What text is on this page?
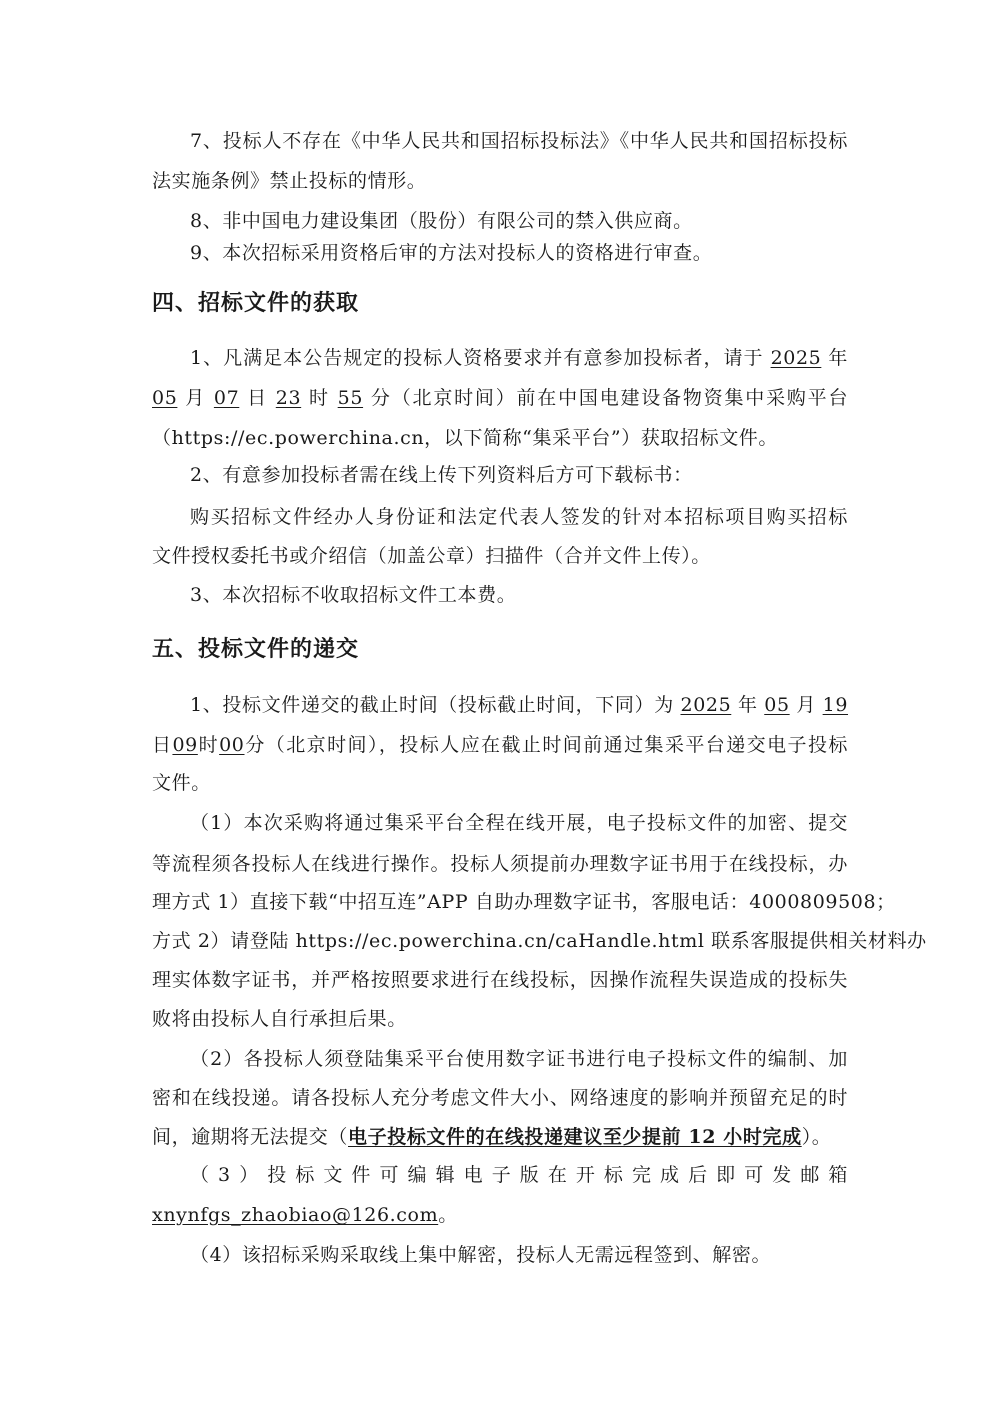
7、投标人不存在《中华人民共和国招标投标法》《中华人民共和国招标投标
法实施条例》禁止投标的情形。
8、非中国电力建设集团（股份）有限公司的禁入供应商。
9、本次招标采用资格后审的方法对投标人的资格进行审查。
四、招标文件的获取
1、凡满足本公告规定的投标人资格要求并有意参加投标者，请于 2025 年
05 月 07 日 23 时 55 分（北京时间）前在中国电建设备物资集中采购平台
（https://ec.powerchina.cn，以下简称“集采平台”）获取招标文件。
2、有意参加投标者需在线上传下列资料后方可下载标书：
购买招标文件经办人身份证和法定代表人签发的针对本招标项目购买招标
文件授权委托书或介绍信（加盖公章）扫描件（合并文件上传）。
3、本次招标不收取招标文件工本费。
五、投标文件的递交
1、投标文件递交的截止时间（投标截止时间，下同）为 2025 年 05 月 19
日09时00分（北京时间），投标人应在截止时间前通过集采平台递交电子投标
文件。
（1）本次采购将通过集采平台全程在线开展，电子投标文件的加密、提交
等流程须各投标人在线进行操作。投标人须提前办理数字证书用于在线投标，办
理方式 1）直接下载“中招互连”APP 自助办理数字证书，客服电话：4000809508；
方式 2）请登陆 https://ec.powerchina.cn/caHandle.html 联系客服提供相关材料办
理实体数字证书，并严格按照要求进行在线投标，因操作流程失误造成的投标失
败将由投标人自行承担后果。
（2）各投标人须登陆集采平台使用数字证书进行电子投标文件的编制、加
密和在线投递。请各投标人充分考虑文件大小、网络速度的影响并预留充足的时
间，逾期将无法提交（电子投标文件的在线投递建议至少提前 12 小时完成）。
（3）投标文件可编辑电子版在开标完成后即可发邮箱
xnynfgs_zhaobiao@126.com。
（4）该招标采购采取线上集中解密，投标人无需远程签到、解密。
